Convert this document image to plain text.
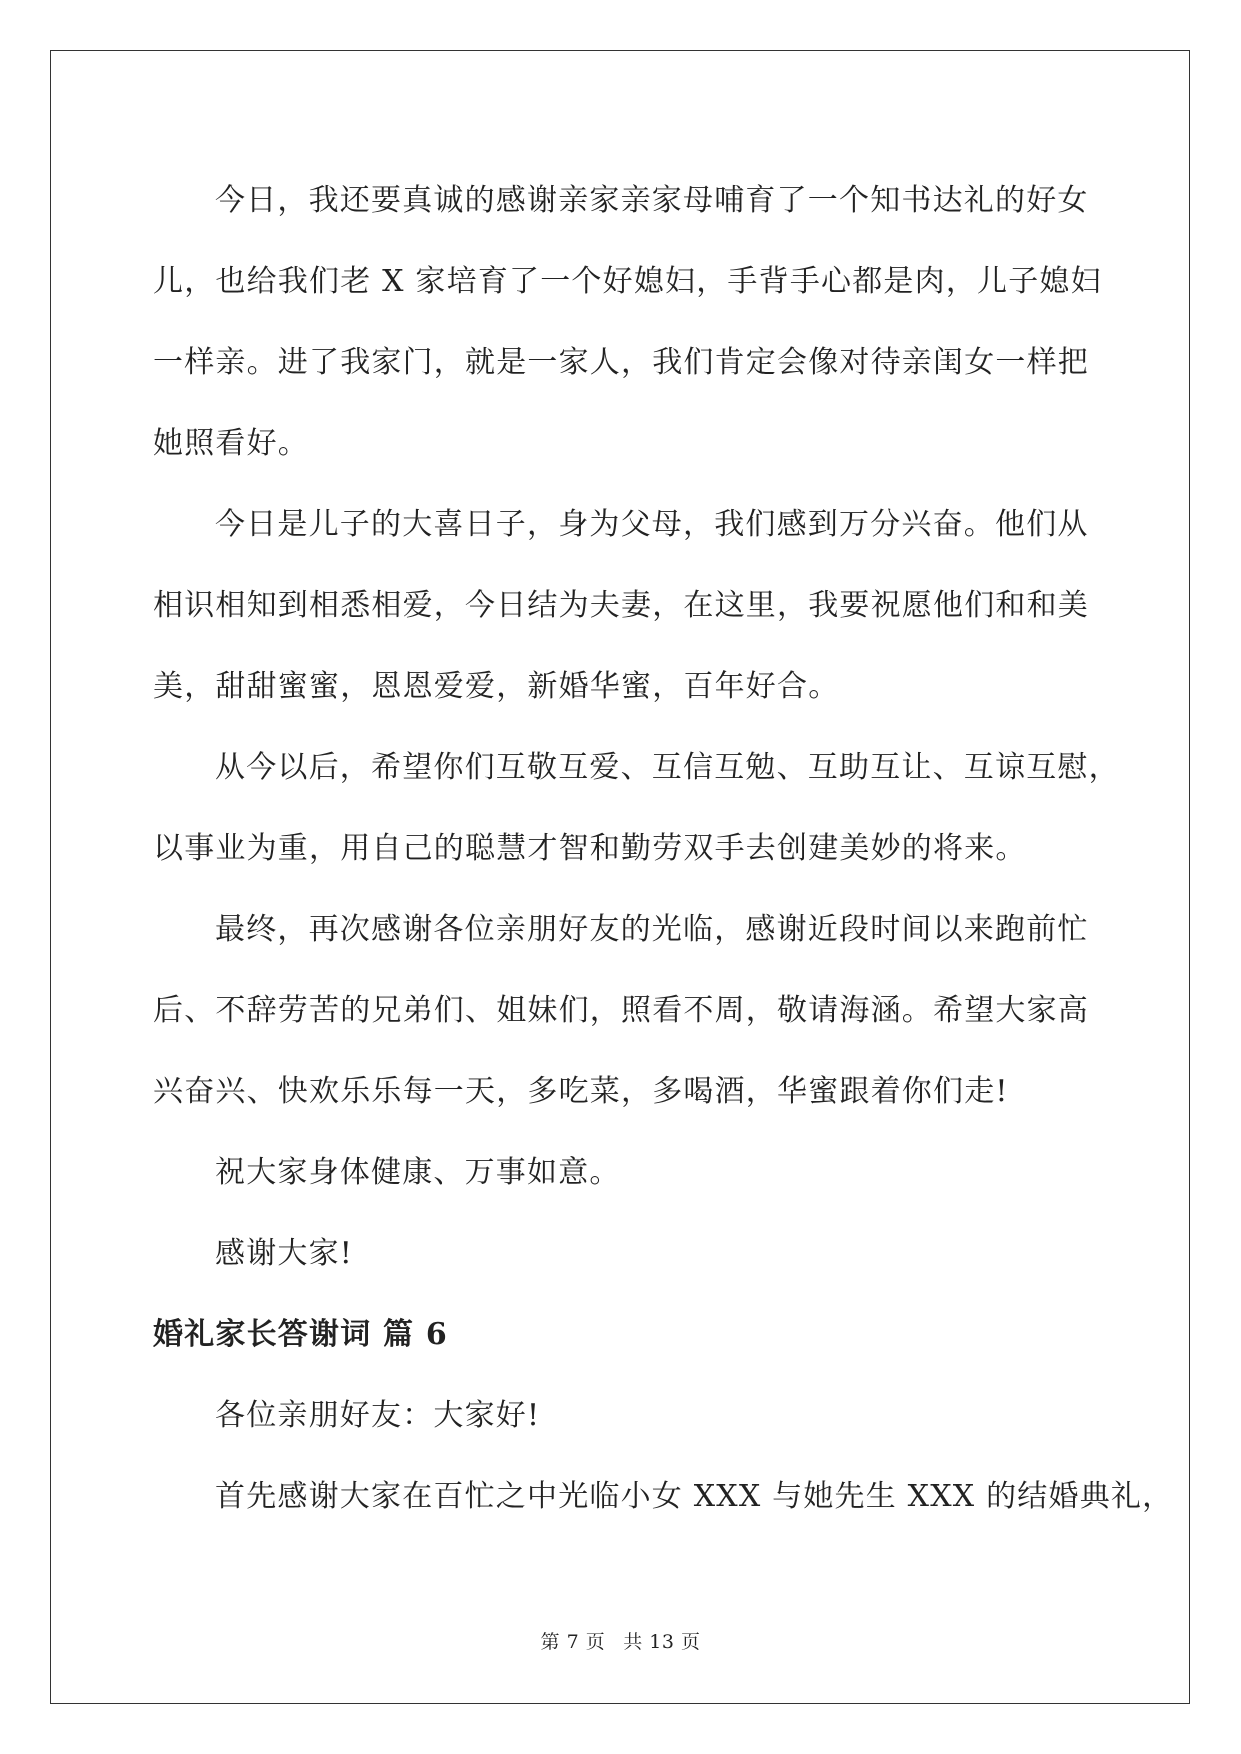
今日，我还要真诚的感谢亲家亲家母哺育了一个知书达礼的好女
儿，也给我们老 X 家培育了一个好媳妇，手背手心都是肉，儿子媳妇
一样亲。进了我家门，就是一家人，我们肯定会像对待亲闺女一样把
她照看好。

今日是儿子的大喜日子，身为父母，我们感到万分兴奋。他们从
相识相知到相悉相爱，今日结为夫妻，在这里，我要祝愿他们和和美
美，甜甜蜜蜜，恩恩爱爱，新婚华蜜，百年好合。

从今以后，希望你们互敬互爱、互信互勉、互助互让、互谅互慰，
以事业为重，用自己的聪慧才智和勤劳双手去创建美妙的将来。

最终，再次感谢各位亲朋好友的光临，感谢近段时间以来跑前忙
后、不辞劳苦的兄弟们、姐妹们，照看不周，敬请海涵。希望大家高
兴奋兴、快欢乐乐每一天，多吃菜，多喝酒，华蜜跟着你们走!

祝大家身体健康、万事如意。

感谢大家!

婚礼家长答谢词 篇 6

各位亲朋好友：大家好!

首先感谢大家在百忙之中光临小女 XXX 与她先生 XXX 的结婚典礼，

第 7 页 共 13 页
